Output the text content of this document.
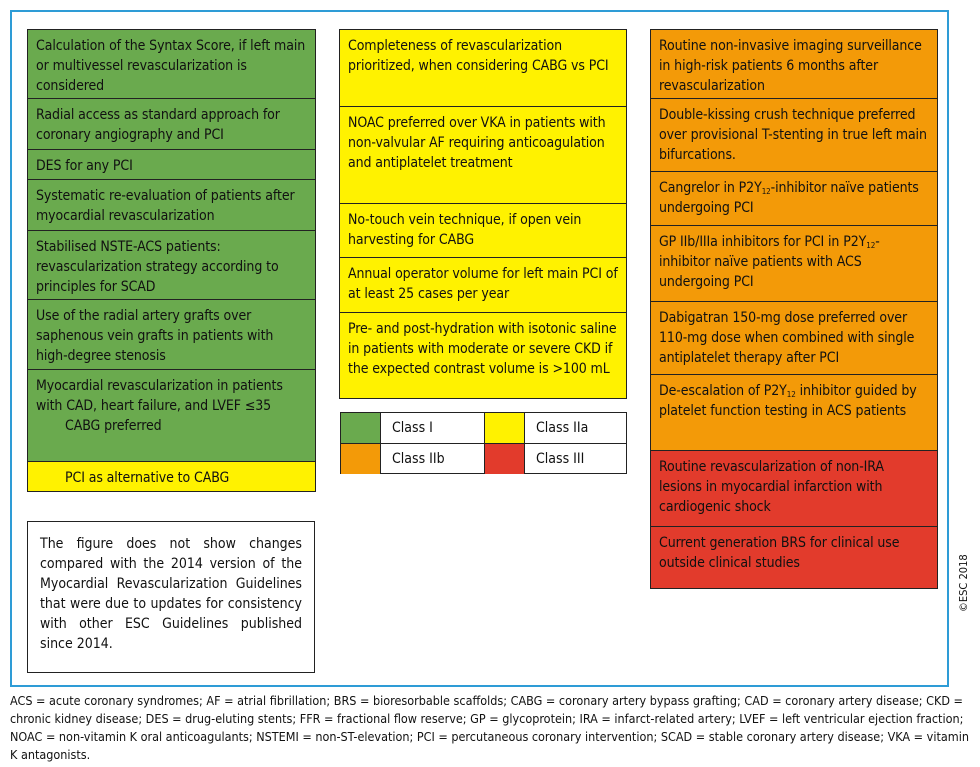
Calculation of the Syntax Score, if left main or multivessel revascularization is considered
Radial access as standard approach for coronary angiography and PCI
DES for any PCI
Systematic re-evaluation of patients after myocardial revascularization
Stabilised NSTE-ACS patients: revascularization strategy according to principles for SCAD
Use of the radial artery grafts over saphenous vein grafts in patients with high-degree stenosis
Myocardial revascularization in patients with CAD, heart failure, and LVEF ≤35
CABG preferred
PCI as alternative to CABG
Completeness of revascularization prioritized, when considering CABG vs PCI
NOAC preferred over VKA in patients with non-valvular AF requiring anticoagulation and antiplatelet treatment
No-touch vein technique, if open vein harvesting for CABG
Annual operator volume for left main PCI of at least 25 cases per year
Pre- and post-hydration with isotonic saline in patients with moderate or severe CKD if the expected contrast volume is >100 mL
Class I	Class IIa
Class IIb	Class III
Routine non-invasive imaging surveillance in high-risk patients 6 months after revascularization
Double-kissing crush technique preferred over provisional T-stenting in true left main bifurcations.
Cangrelor in $P2Y_{12}$-inhibitor naïve patients undergoing PCI
GP IIb/IIIa inhibitors for PCI in $P2Y_{12}$-inhibitor naïve patients with ACS undergoing PCI
Dabigatran 150-mg dose preferred over 110-mg dose when combined with single antiplatelet therapy after PCI
De-escalation of $P2Y_{12}$ inhibitor guided by platelet function testing in ACS patients
Routine revascularization of non-IRA lesions in myocardial infarction with cardiogenic shock
Current generation BRS for clinical use outside clinical studies
The figure does not show changes compared with the 2014 version of the Myocardial Revascularization Guidelines that were due to updates for consistency with other ESC Guidelines published since 2014.
©ESC 2018
ACS = acute coronary syndromes; AF = atrial fibrillation; BRS = bioresorbable scaffolds; CABG = coronary artery bypass grafting; CAD = coronary artery disease; CKD = chronic kidney disease; DES = drug-eluting stents; FFR = fractional flow reserve; GP = glycoprotein; IRA = infarct-related artery; LVEF = left ventricular ejection fraction; NOAC = non-vitamin K oral anticoagulants; NSTEMI = non-ST-elevation; PCI = percutaneous coronary intervention; SCAD = stable coronary artery disease; VKA = vitamin K antagonists.
